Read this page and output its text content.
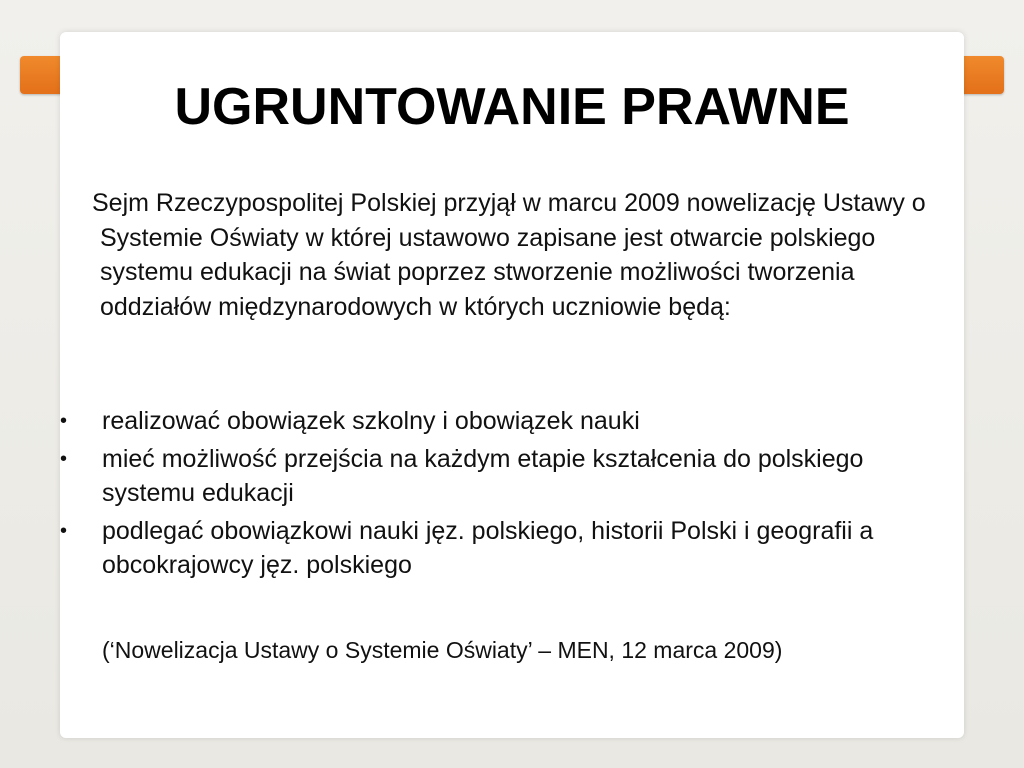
UGRUNTOWANIE PRAWNE

Sejm Rzeczypospolitej Polskiej przyjął w marcu 2009 nowelizację Ustawy o Systemie Oświaty w której ustawowo zapisane jest otwarcie polskiego systemu edukacji na świat poprzez stworzenie możliwości tworzenia oddziałów międzynarodowych w których uczniowie będą:

• realizować obowiązek szkolny i obowiązek nauki
• mieć możliwość przejścia na każdym etapie kształcenia do polskiego systemu edukacji
• podlegać obowiązkowi nauki jęz. polskiego, historii Polski i geografii a obcokrajowcy jęz. polskiego

(‘Nowelizacja Ustawy o Systemie Oświaty’ – MEN, 12 marca 2009)
